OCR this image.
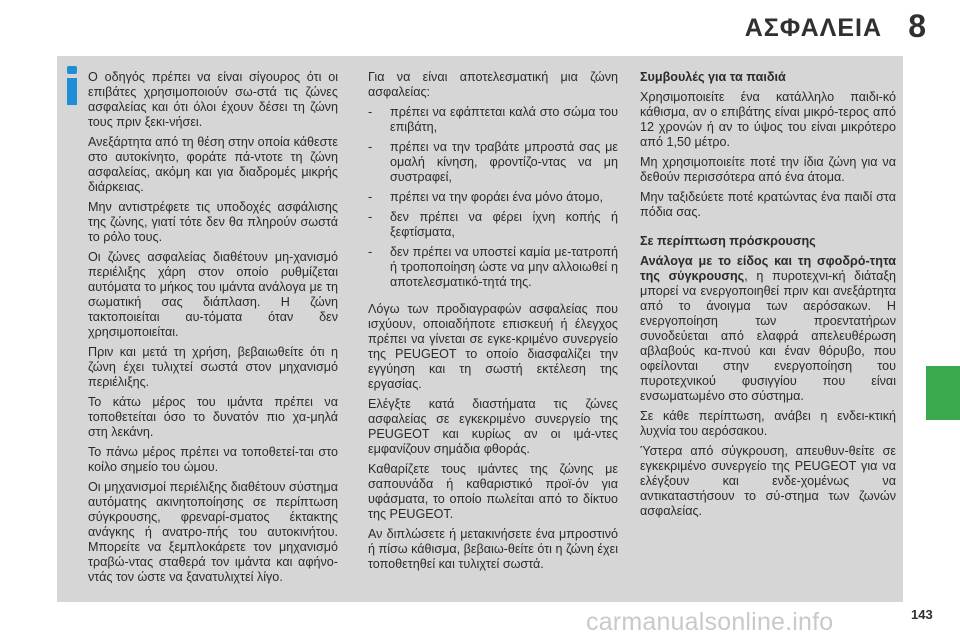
ΑΣΦΑΛΕΙΑ 8

Ο οδηγός πρέπει να είναι σίγουρος ότι οι επιβάτες χρησιμοποιούν σω-στά τις ζώνες ασφαλείας και ότι όλοι έχουν δέσει τη ζώνη τους πριν ξεκι-νήσει.

Ανεξάρτητα από τη θέση στην οποία κάθεστε στο αυτοκίνητο, φοράτε πά-ντοτε τη ζώνη ασφαλείας, ακόμη και για διαδρομές μικρής διάρκειας.

Μην αντιστρέφετε τις υποδοχές ασφάλισης της ζώνης, γιατί τότε δεν θα πληρούν σωστά το ρόλο τους.

Οι ζώνες ασφαλείας διαθέτουν μη-χανισμό περιέλιξης χάρη στον οποίο ρυθμίζεται αυτόματα το μήκος του ιμάντα ανάλογα με τη σωματική σας διάπλαση. Η ζώνη τακτοποιείται αυ-τόματα όταν δεν χρησιμοποιείται.

Πριν και μετά τη χρήση, βεβαιωθείτε ότι η ζώνη έχει τυλιχτεί σωστά στον μηχανισμό περιέλιξης.

Το κάτω μέρος του ιμάντα πρέπει να τοποθετείται όσο το δυνατόν πιο χα-μηλά στη λεκάνη.

Το πάνω μέρος πρέπει να τοποθετεί-ται στο κοίλο σημείο του ώμου.

Οι μηχανισμοί περιέλιξης διαθέτουν σύστημα αυτόματης ακινητοποίησης σε περίπτωση σύγκρουσης, φρεναρί-σματος έκτακτης ανάγκης ή ανατρο-πής του αυτοκινήτου. Μπορείτε να ξεμπλοκάρετε τον μηχανισμό τραβώ-ντας σταθερά τον ιμάντα και αφήνο-ντάς τον ώστε να ξανατυλιχτεί λίγο.

Για να είναι αποτελεσματική μια ζώνη ασφαλείας:

- πρέπει να εφάπτεται καλά στο σώμα του επιβάτη,
- πρέπει να την τραβάτε μπροστά σας με ομαλή κίνηση, φροντίζο-ντας να μη συστραφεί,
- πρέπει να την φοράει ένα μόνο άτομο,
- δεν πρέπει να φέρει ίχνη κοπής ή ξεφτίσματα,
- δεν πρέπει να υποστεί καμία με-τατροπή ή τροποποίηση ώστε να μην αλλοιωθεί η αποτελεσματικό-τητά της.

Λόγω των προδιαγραφών ασφαλείας που ισχύουν, οποιαδήποτε επισκευή ή έλεγχος πρέπει να γίνεται σε εγκε-κριμένο συνεργείο της PEUGEOT το οποίο διασφαλίζει την εγγύηση και τη σωστή εκτέλεση της εργασίας.

Ελέγξτε κατά διαστήματα τις ζώνες ασφαλείας σε εγκεκριμένο συνεργείο της PEUGEOT και κυρίως αν οι ιμά-ντες εμφανίζουν σημάδια φθοράς.

Καθαρίζετε τους ιμάντες της ζώνης με σαπουνάδα ή καθαριστικό προϊ-όν για υφάσματα, το οποίο πωλείται από το δίκτυο της PEUGEOT.

Αν διπλώσετε ή μετακινήσετε ένα μπροστινό ή πίσω κάθισμα, βεβαιω-θείτε ότι η ζώνη έχει τοποθετηθεί και τυλιχτεί σωστά.

Συμβουλές για τα παιδιά

Χρησιμοποιείτε ένα κατάλληλο παιδι-κό κάθισμα, αν ο επιβάτης είναι μικρό-τερος από 12 χρονών ή αν το ύψος του είναι μικρότερο από 1,50 μέτρο.

Μη χρησιμοποιείτε ποτέ την ίδια ζώνη για να δεθούν περισσότερα από ένα άτομα.

Μην ταξιδεύετε ποτέ κρατώντας ένα παιδί στα πόδια σας.

Σε περίπτωση πρόσκρουσης

Ανάλογα με το είδος και τη σφοδρό-τητα της σύγκρουσης, η πυροτεχνι-κή διάταξη μπορεί να ενεργοποιηθεί πριν και ανεξάρτητα από το άνοιγμα των αερόσακων. Η ενεργοποίηση των προεντατήρων συνοδεύεται από ελαφρά απελευθέρωση αβλαβούς κα-πνού και έναν θόρυβο, που οφείλονται στην ενεργοποίηση του πυροτεχνικού φυσιγγίου που είναι ενσωματωμένο στο σύστημα.

Σε κάθε περίπτωση, ανάβει η ενδει-κτική λυχνία του αερόσακου.

Ύστερα από σύγκρουση, απευθυν-θείτε σε εγκεκριμένο συνεργείο της PEUGEOT για να ελέγξουν και ενδε-χομένως να αντικαταστήσουν το σύ-στημα των ζωνών ασφαλείας.

143
carmanualsonline.info
